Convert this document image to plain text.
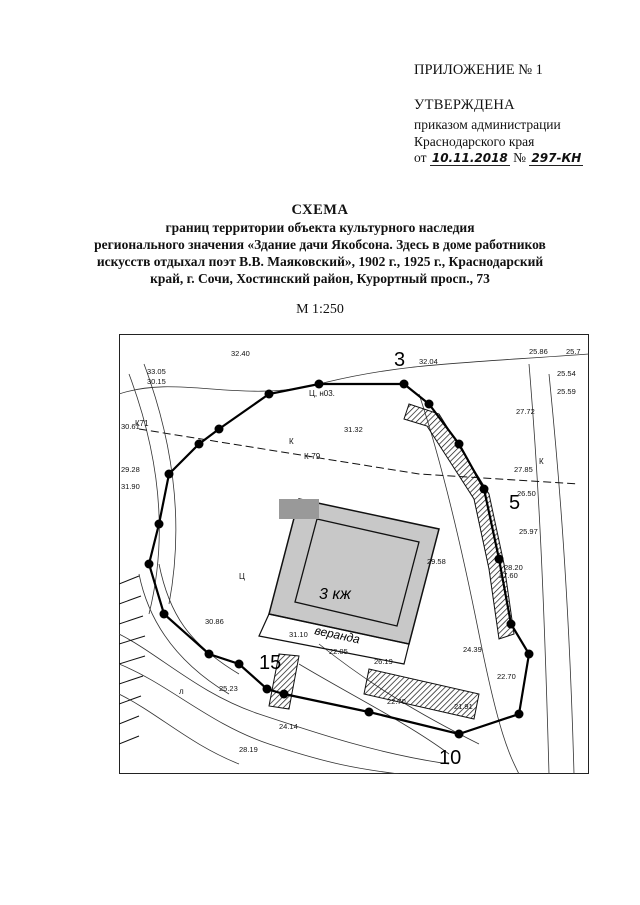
ПРИЛОЖЕНИЕ № 1
УТВЕРЖДЕНА
приказом администрации
Краснодарского края
от 10.11.2018 № 297-КН
СХЕМА
границ территории объекта культурного наследия
регионального значения «Здание дачи Якобсона. Здесь в доме работников
искусств отдыхал поэт В.В. Маяковский», 1902 г., 1925 г., Краснодарский
край, г. Сочи, Хостинский район, Курортный просп., 73
М 1:250
3 кж
веранда
3
5
15
10
32.40
33.05
30.15
32.04
25.86 25.7
25.54
25.59
27.72
27.85
26.50
25.97
28.20
29.58
27.60
24.39
22.70
21.91
28.19
25.23
26.19
31.32
30.61
29.28
30.86
31.90
31.10
24.14
22.70
22.05
Ц, н03.
К
К-79
К71
К
Ц
л
